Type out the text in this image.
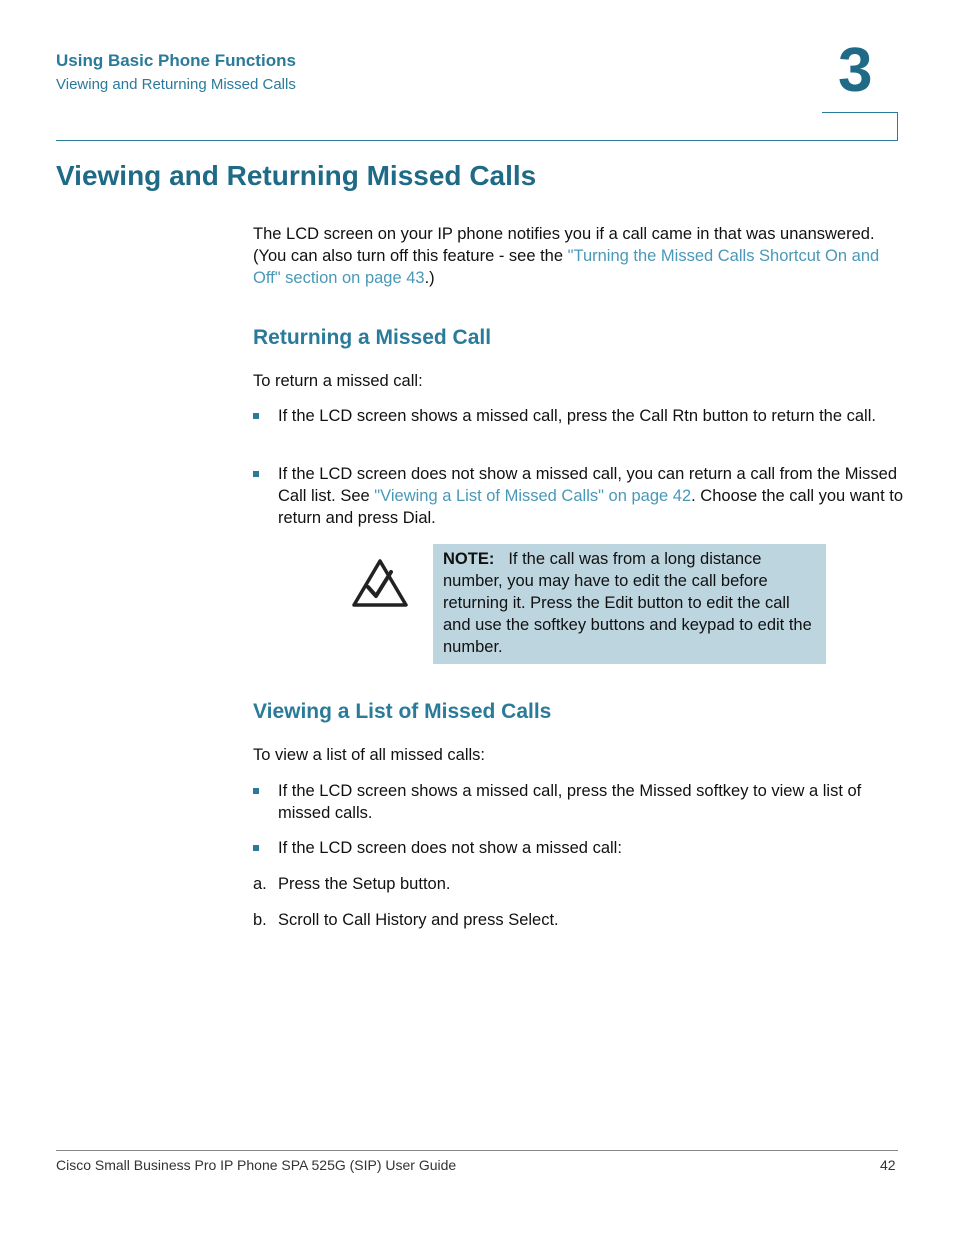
Using Basic Phone Functions
Viewing and Returning Missed Calls	3
Viewing and Returning Missed Calls
The LCD screen on your IP phone notifies you if a call came in that was unanswered. (You can also turn off this feature - see the "Turning the Missed Calls Shortcut On and Off" section on page 43.)
Returning a Missed Call
To return a missed call:
If the LCD screen shows a missed call, press the Call Rtn button to return the call.
If the LCD screen does not show a missed call, you can return a call from the Missed Call list. See "Viewing a List of Missed Calls" on page 42. Choose the call you want to return and press Dial.
NOTE: If the call was from a long distance number, you may have to edit the call before returning it. Press the Edit button to edit the call and use the softkey buttons and keypad to edit the number.
Viewing a List of Missed Calls
To view a list of all missed calls:
If the LCD screen shows a missed call, press the Missed softkey to view a list of missed calls.
If the LCD screen does not show a missed call:
a. Press the Setup button.
b. Scroll to Call History and press Select.
Cisco Small Business Pro IP Phone SPA 525G (SIP) User Guide	42
